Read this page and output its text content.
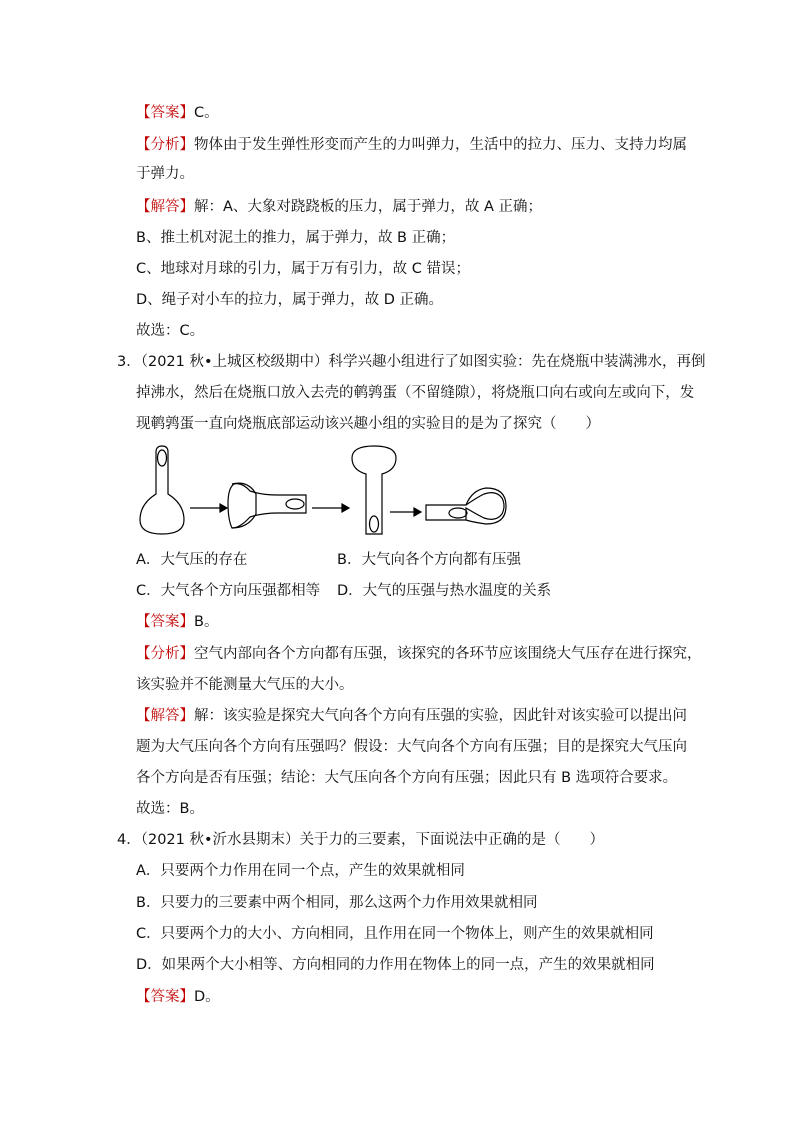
【答案】C。
【分析】物体由于发生弹性形变而产生的力叫弹力，生活中的拉力、压力、支持力均属
于弹力。
【解答】解：A、大象对跷跷板的压力，属于弹力，故 A 正确；
B、推土机对泥土的推力，属于弹力，故 B 正确；
C、地球对月球的引力，属于万有引力，故 C 错误；
D、绳子对小车的拉力，属于弹力，故 D 正确。
故选：C。
3．（2021 秋•上城区校级期中）科学兴趣小组进行了如图实验：先在烧瓶中装满沸水，再倒
掉沸水，然后在烧瓶口放入去壳的鹌鹑蛋（不留缝隙），将烧瓶口向右或向左或向下，发
现鹌鹑蛋一直向烧瓶底部运动该兴趣小组的实验目的是为了探究（　　）
A．大气压的存在	B．大气向各个方向都有压强
C．大气各个方向压强都相等 D．大气的压强与热水温度的关系
【答案】B。
【分析】空气内部向各个方向都有压强，该探究的各环节应该围绕大气压存在进行探究，
该实验并不能测量大气压的大小。
【解答】解：该实验是探究大气向各个方向有压强的实验，因此针对该实验可以提出问
题为大气压向各个方向有压强吗？假设：大气向各个方向有压强；目的是探究大气压向
各个方向是否有压强；结论：大气压向各个方向有压强；因此只有 B 选项符合要求。
故选：B。
4．（2021 秋•沂水县期末）关于力的三要素，下面说法中正确的是（　　）
A．只要两个力作用在同一个点，产生的效果就相同
B．只要力的三要素中两个相同，那么这两个力作用效果就相同
C．只要两个力的大小、方向相同，且作用在同一个物体上，则产生的效果就相同
D．如果两个大小相等、方向相同的力作用在物体上的同一点，产生的效果就相同
【答案】D。
